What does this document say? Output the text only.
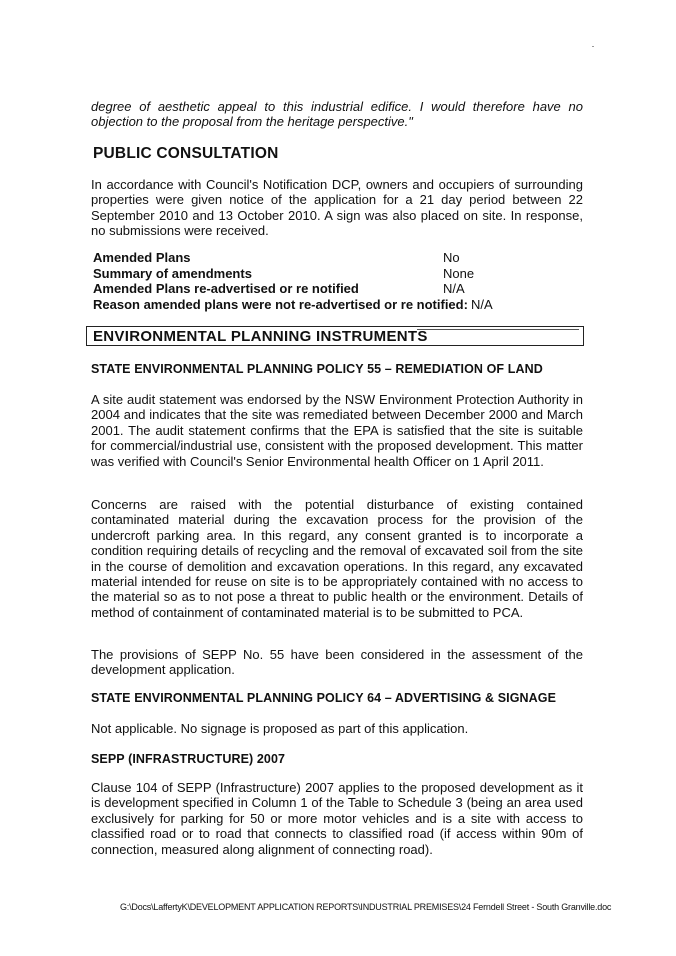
degree of aesthetic appeal to this industrial edifice. I would therefore have no objection to the proposal from the heritage perspective."
PUBLIC CONSULTATION
In accordance with Council's Notification DCP, owners and occupiers of surrounding properties were given notice of the application for a 21 day period between 22 September 2010 and 13 October 2010. A sign was also placed on site. In response, no submissions were received.
Amended Plans	No
Summary of amendments	None
Amended Plans re-advertised or re notified	N/A
Reason amended plans were not re-advertised or re notified: N/A
ENVIRONMENTAL PLANNING INSTRUMENTS
STATE ENVIRONMENTAL PLANNING POLICY 55 – REMEDIATION OF LAND
A site audit statement was endorsed by the NSW Environment Protection Authority in 2004 and indicates that the site was remediated between December 2000 and March 2001. The audit statement confirms that the EPA is satisfied that the site is suitable for commercial/industrial use, consistent with the proposed development. This matter was verified with Council's Senior Environmental health Officer on 1 April 2011.
Concerns are raised with the potential disturbance of existing contained contaminated material during the excavation process for the provision of the undercroft parking area. In this regard, any consent granted is to incorporate a condition requiring details of recycling and the removal of excavated soil from the site in the course of demolition and excavation operations. In this regard, any excavated material intended for reuse on site is to be appropriately contained with no access to the material so as to not pose a threat to public health or the environment. Details of method of containment of contaminated material is to be submitted to PCA.
The provisions of SEPP No. 55 have been considered in the assessment of the development application.
STATE ENVIRONMENTAL PLANNING POLICY 64 – ADVERTISING & SIGNAGE
Not applicable. No signage is proposed as part of this application.
SEPP (INFRASTRUCTURE) 2007
Clause 104 of SEPP (Infrastructure) 2007 applies to the proposed development as it is development specified in Column 1 of the Table to Schedule 3 (being an area used exclusively for parking for 50 or more motor vehicles and is a site with access to classified road or to road that connects to classified road (if access within 90m of connection, measured along alignment of connecting road).
G:\Docs\LaffertyK\DEVELOPMENT APPLICATION REPORTS\INDUSTRIAL PREMISES\24 Ferndell Street - South Granville.doc
